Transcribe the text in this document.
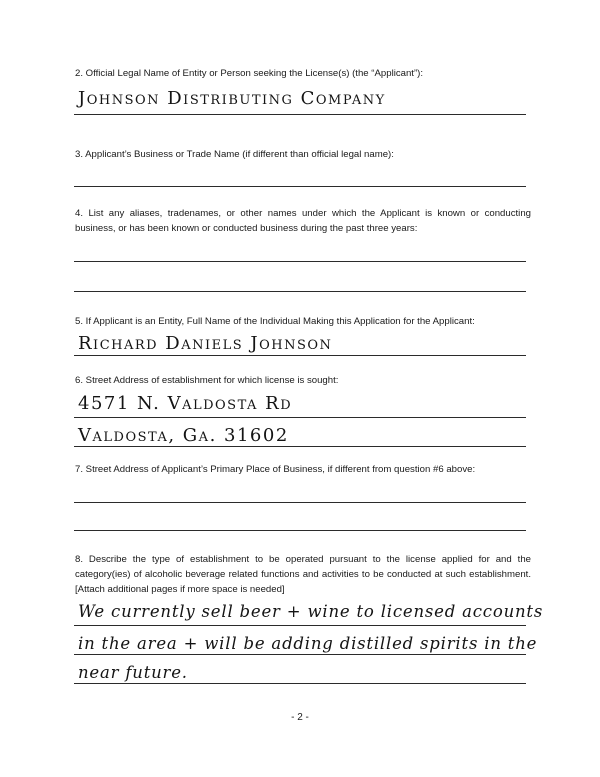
2. Official Legal Name of Entity or Person seeking the License(s) (the “Applicant”):
Johnson Distributing Company
3. Applicant’s Business or Trade Name (if different than official legal name):
4. List any aliases, tradenames, or other names under which the Applicant is known or conducting business, or has been known or conducted business during the past three years:
5. If Applicant is an Entity, Full Name of the Individual Making this Application for the Applicant:
Richard Daniels Johnson
6. Street Address of establishment for which license is sought:
4571 N. Valdosta Rd
Valdosta, Ga. 31602
7. Street Address of Applicant’s Primary Place of Business, if different from question #6 above:
8. Describe the type of establishment to be operated pursuant to the license applied for and the category(ies) of alcoholic beverage related functions and activities to be conducted at such establishment. [Attach additional pages if more space is needed]
We currently sell beer + wine to licensed accounts
in the area + will be adding distilled spirits in the
near future.
- 2 -
